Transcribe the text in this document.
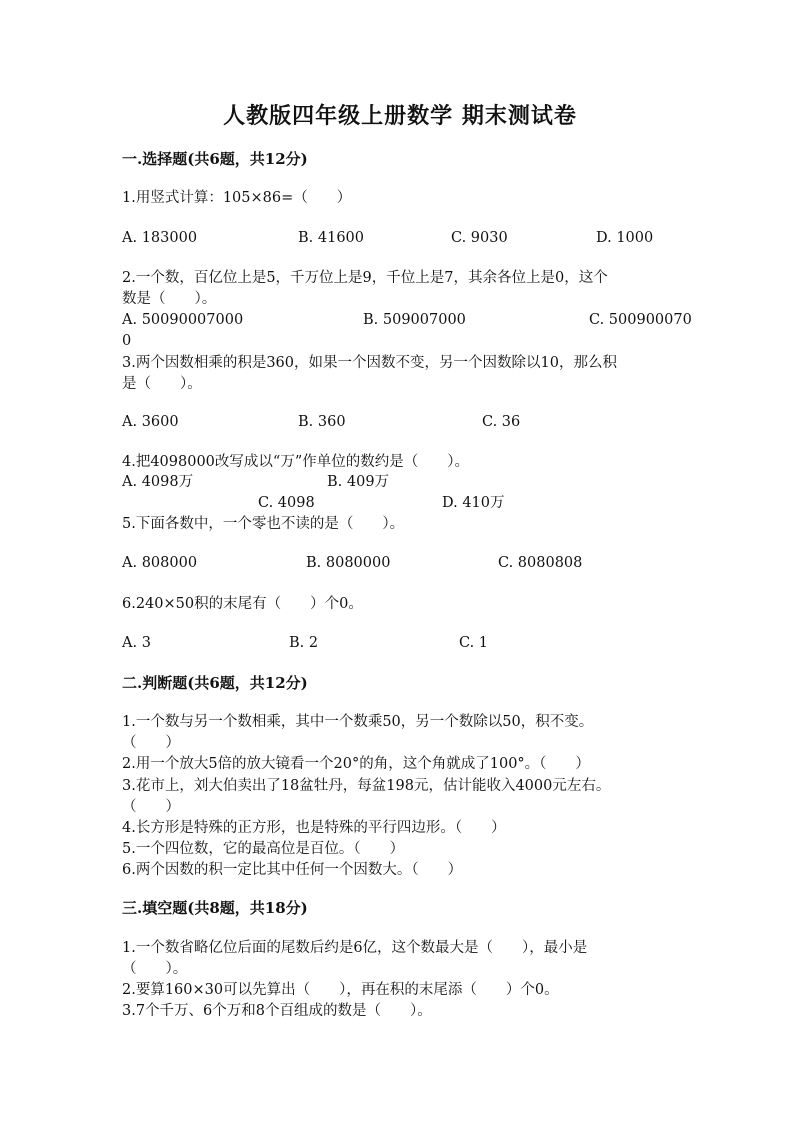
人教版四年级上册数学 期末测试卷
一.选择题(共6题，共12分)
1.用竖式计算：105×86=（　　）
A. 183000	B. 41600	C. 9030	D. 1000
2.一个数，百亿位上是5，千万位上是9，千位上是7，其余各位上是0，这个
数是（　　）。
A. 50090007000	B. 509007000	C. 500900070
0
3.两个因数相乘的积是360，如果一个因数不变，另一个因数除以10，那么积
是（　　）。
A. 3600	B. 360	C. 36
4.把4098000改写成以“万”作单位的数约是（　　）。
A. 4098万	B. 409万
C. 4098	D. 410万
5.下面各数中，一个零也不读的是（　　）。
A. 808000	B. 8080000	C. 8080808
6.240×50积的末尾有（　　）个0。
A. 3	B. 2	C. 1
二.判断题(共6题，共12分)
1.一个数与另一个数相乘，其中一个数乘50，另一个数除以50，积不变。
（　　）
2.用一个放大5倍的放大镜看一个20°的角，这个角就成了100°。（　　）
3.花市上，刘大伯卖出了18盆牡丹，每盆198元，估计能收入4000元左右。
（　　）
4.长方形是特殊的正方形，也是特殊的平行四边形。（　　）
5.一个四位数，它的最高位是百位。（　　）
6.两个因数的积一定比其中任何一个因数大。（　　）
三.填空题(共8题，共18分)
1.一个数省略亿位后面的尾数后约是6亿，这个数最大是（　　），最小是
（　　）。
2.要算160×30可以先算出（　　），再在积的末尾添（　　）个0。
3.7个千万、6个万和8个百组成的数是（　　）。
